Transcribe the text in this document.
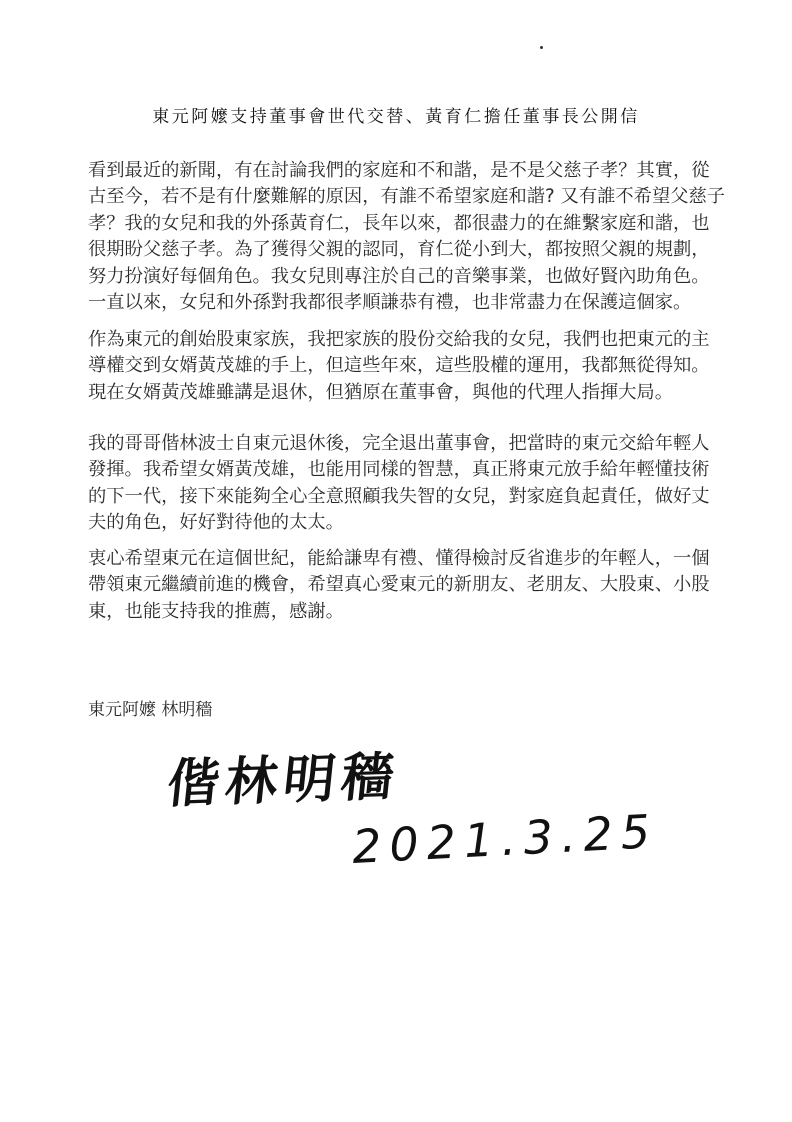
東元阿嬤支持董事會世代交替、黃育仁擔任董事長公開信
看到最近的新聞，有在討論我們的家庭和不和諧，是不是父慈子孝？其實，從
古至今，若不是有什麼難解的原因，有誰不希望家庭和諧? 又有誰不希望父慈子
孝？我的女兒和我的外孫黃育仁，長年以來，都很盡力的在維繫家庭和諧，也
很期盼父慈子孝。為了獲得父親的認同，育仁從小到大，都按照父親的規劃，
努力扮演好每個角色。我女兒則專注於自己的音樂事業，也做好賢內助角色。
一直以來，女兒和外孫對我都很孝順謙恭有禮，也非常盡力在保護這個家。
作為東元的創始股東家族，我把家族的股份交給我的女兒，我們也把東元的主
導權交到女婿黃茂雄的手上，但這些年來，這些股權的運用，我都無從得知。
現在女婿黃茂雄雖講是退休，但猶原在董事會，與他的代理人指揮大局。
我的哥哥偕林波士自東元退休後，完全退出董事會，把當時的東元交給年輕人
發揮。我希望女婿黃茂雄，也能用同樣的智慧，真正將東元放手給年輕懂技術
的下一代，接下來能夠全心全意照顧我失智的女兒，對家庭負起責任，做好丈
夫的角色，好好對待他的太太。
衷心希望東元在這個世紀，能給謙卑有禮、懂得檢討反省進步的年輕人，一個
帶領東元繼續前進的機會，希望真心愛東元的新朋友、老朋友、大股東、小股
東，也能支持我的推薦，感謝。
東元阿嬤 林明穡
偕林明穡
2021.3.25
